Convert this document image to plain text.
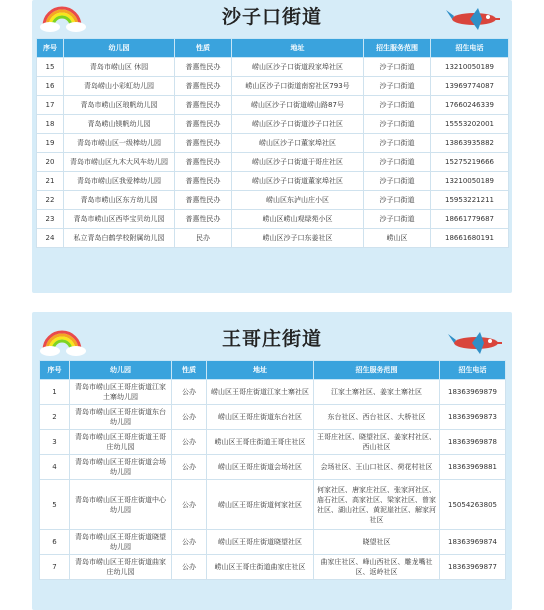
沙子口街道
序号	幼儿园	性质	地址	招生服务范围	招生电话
15	青岛市崂山区 休园	普惠性民办	崂山区沙子口街道段家埠社区	沙子口街道	13210050189
16	青岛崂山小彩虹幼儿园	普惠性民办	崂山区沙子口街道南窑社区793号	沙子口街道	13969774087
17	青岛市崂山区琅帆幼儿园	普惠性民办	崂山区沙子口街道崂山路87号	沙子口街道	17660246339
18	青岛崂山镁帆幼儿园	普惠性民办	崂山区沙子口街道沙子口社区	沙子口街道	15553202001
19	青岛市崂山区一级棒幼儿园	普惠性民办	崂山区沙子口董家埠社区	沙子口街道	13863935882
20	青岛市崂山区九木大风车幼儿园	普惠性民办	崂山区沙子口街道于哥庄社区	沙子口街道	15275219666
21	青岛市崂山区我爱棒幼儿园	普惠性民办	崂山区沙子口街道董家埠社区	沙子口街道	13210050189
22	青岛市崂山区东方幼儿园	普惠性民办	崂山区东泸山庄小区	沙子口街道	15953221211
23	青岛市崂山区西毕宝贝幼儿园	普惠性民办	崂山区崂山观绿苑小区	沙子口街道	18661779687
24	私立青岛白鹤学校附属幼儿园	民办	崂山区沙子口东姜社区	崂山区	18661680191
王哥庄街道
序号	幼儿园	性质	地址	招生服务范围	招生电话
1	青岛市崂山区王哥庄街道江家土寨幼儿园	公办	崂山区王哥庄街道江家土寨社区	江家土寨社区、姜家土寨社区	18363969879
2	青岛市崂山区王哥庄街道东台幼儿园	公办	崂山区王哥庄街道东台社区	东台社区、西台社区、大桥社区	18363969873
3	青岛市崂山区王哥庄街道王哥庄幼儿园	公办	崂山区王哥庄街道王哥庄社区	王哥庄社区、晓望社区、姜家村社区、西山社区	18363969878
4	青岛市崂山区王哥庄街道会场幼儿园	公办	崂山区王哥庄街道会场社区	会场社区、王山口社区、荷花村社区	18363969881
5	青岛市崂山区王哥庄街道中心幼儿园	公办	崂山区王哥庄街道何家社区	何家社区、唐家庄社区、张家河社区、庙石社区、高家社区、梁家社区、曾家社区、湖山社区、黄泥崖社区、解家河社区	15054263805
6	青岛市崂山区王哥庄街道晓望幼儿园	公办	崂山区王哥庄街道晓望社区	晓望社区	18363969874
7	青岛市崂山区王哥庄街道曲家庄幼儿园	公办	崂山区王哥庄街道曲家庄社区	曲家庄社区、峰山西社区、雕龙嘴社区、返岭社区	18363969877
